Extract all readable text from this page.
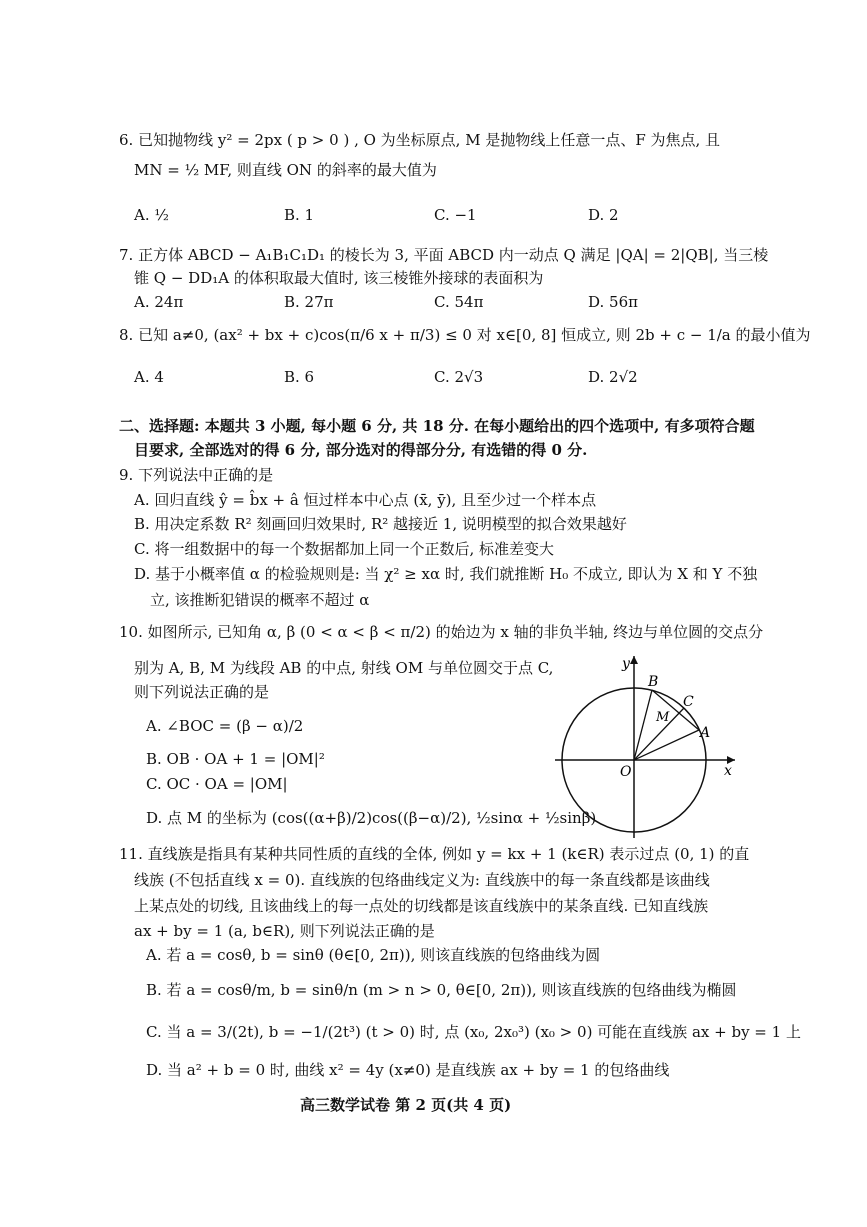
6. 已知抛物线 y² = 2px ( p > 0 ) , O 为坐标原点, M 是抛物线上任意一点、F 为焦点, 且
MN = ½ MF, 则直线 ON 的斜率的最大值为
A. ½	B. 1	C. −1	D. 2
7. 正方体 ABCD − A₁B₁C₁D₁ 的棱长为 3, 平面 ABCD 内一动点 Q 满足 |QA| = 2|QB|, 当三棱
锥 Q − DD₁A 的体积取最大值时, 该三棱锥外接球的表面积为
A. 24π	B. 27π	C. 54π	D. 56π
8. 已知 a≠0, (ax² + bx + c)cos(π/6 x + π/3) ≤ 0 对 x∈[0, 8] 恒成立, 则 2b + c − 1/a 的最小值为
A. 4	B. 6	C. 2√3	D. 2√2
二、选择题: 本题共 3 小题, 每小题 6 分, 共 18 分. 在每小题给出的四个选项中, 有多项符合题
目要求, 全部选对的得 6 分, 部分选对的得部分分, 有选错的得 0 分.
9. 下列说法中正确的是
A. 回归直线 ŷ = b̂x + â 恒过样本中心点 (x̄, ȳ), 且至少过一个样本点
B. 用决定系数 R² 刻画回归效果时, R² 越接近 1, 说明模型的拟合效果越好
C. 将一组数据中的每一个数据都加上同一个正数后, 标准差变大
D. 基于小概率值 α 的检验规则是: 当 χ² ≥ xα 时, 我们就推断 H₀ 不成立, 即认为 X 和 Y 不独
立, 该推断犯错误的概率不超过 α
10. 如图所示, 已知角 α, β (0 < α < β < π/2) 的始边为 x 轴的非负半轴, 终边与单位圆的交点分
别为 A, B, M 为线段 AB 的中点, 射线 OM 与单位圆交于点 C,
则下列说法正确的是
A. ∠BOC = (β − α)/2
B. OB · OA + 1 = |OM|²
C. OC · OA = |OM|
D. 点 M 的坐标为 (cos((α+β)/2)cos((β−α)/2), ½sinα + ½sinβ)
y
x
O
A
B
C
M
11. 直线族是指具有某种共同性质的直线的全体, 例如 y = kx + 1 (k∈R) 表示过点 (0, 1) 的直
线族 (不包括直线 x = 0). 直线族的包络曲线定义为: 直线族中的每一条直线都是该曲线
上某点处的切线, 且该曲线上的每一点处的切线都是该直线族中的某条直线. 已知直线族
ax + by = 1 (a, b∈R), 则下列说法正确的是
A. 若 a = cosθ, b = sinθ (θ∈[0, 2π)), 则该直线族的包络曲线为圆
B. 若 a = cosθ/m, b = sinθ/n (m > n > 0, θ∈[0, 2π)), 则该直线族的包络曲线为椭圆
C. 当 a = 3/(2t), b = −1/(2t³) (t > 0) 时, 点 (x₀, 2x₀³) (x₀ > 0) 可能在直线族 ax + by = 1 上
D. 当 a² + b = 0 时, 曲线 x² = 4y (x≠0) 是直线族 ax + by = 1 的包络曲线
高三数学试卷 第 2 页(共 4 页)
